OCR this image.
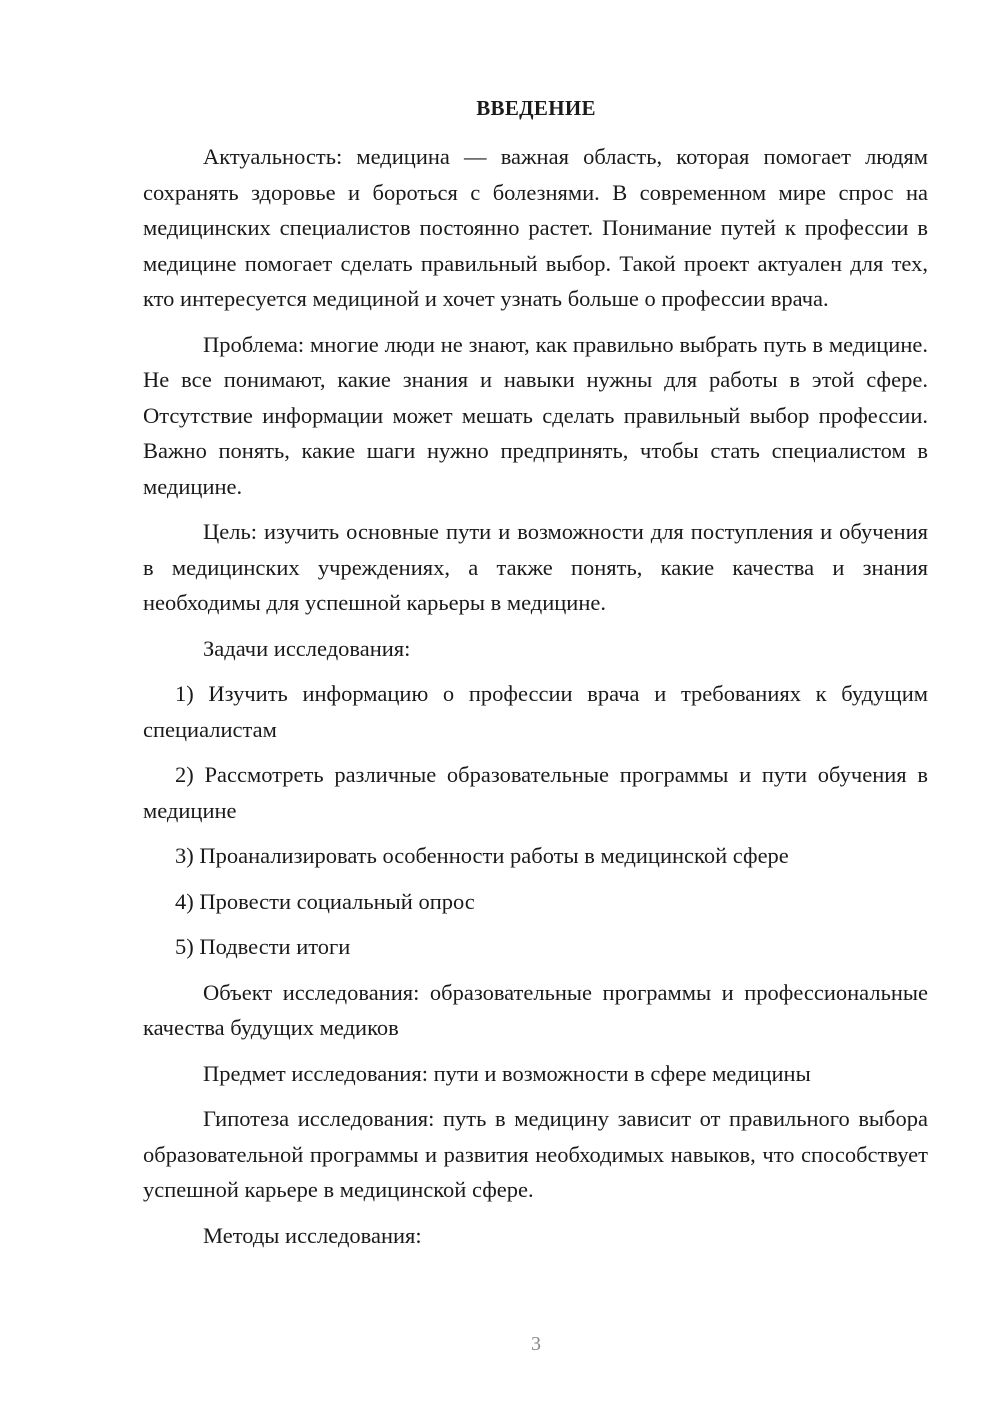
ВВЕДЕНИЕ

Актуальность: медицина — важная область, которая помогает людям сохранять здоровье и бороться с болезнями. В современном мире спрос на медицинских специалистов постоянно растет. Понимание путей к профессии в медицине помогает сделать правильный выбор. Такой проект актуален для тех, кто интересуется медициной и хочет узнать больше о профессии врача.

Проблема: многие люди не знают, как правильно выбрать путь в медицине. Не все понимают, какие знания и навыки нужны для работы в этой сфере. Отсутствие информации может мешать сделать правильный выбор профессии. Важно понять, какие шаги нужно предпринять, чтобы стать специалистом в медицине.

Цель: изучить основные пути и возможности для поступления и обучения в медицинских учреждениях, а также понять, какие качества и знания необходимы для успешной карьеры в медицине.

Задачи исследования:

1) Изучить информацию о профессии врача и требованиях к будущим специалистам

2) Рассмотреть различные образовательные программы и пути обучения в медицине

3) Проанализировать особенности работы в медицинской сфере

4) Провести социальный опрос

5) Подвести итоги

Объект исследования: образовательные программы и профессиональные качества будущих медиков

Предмет исследования: пути и возможности в сфере медицины

Гипотеза исследования: путь в медицину зависит от правильного выбора образовательной программы и развития необходимых навыков, что способствует успешной карьере в медицинской сфере.

Методы исследования:

3
